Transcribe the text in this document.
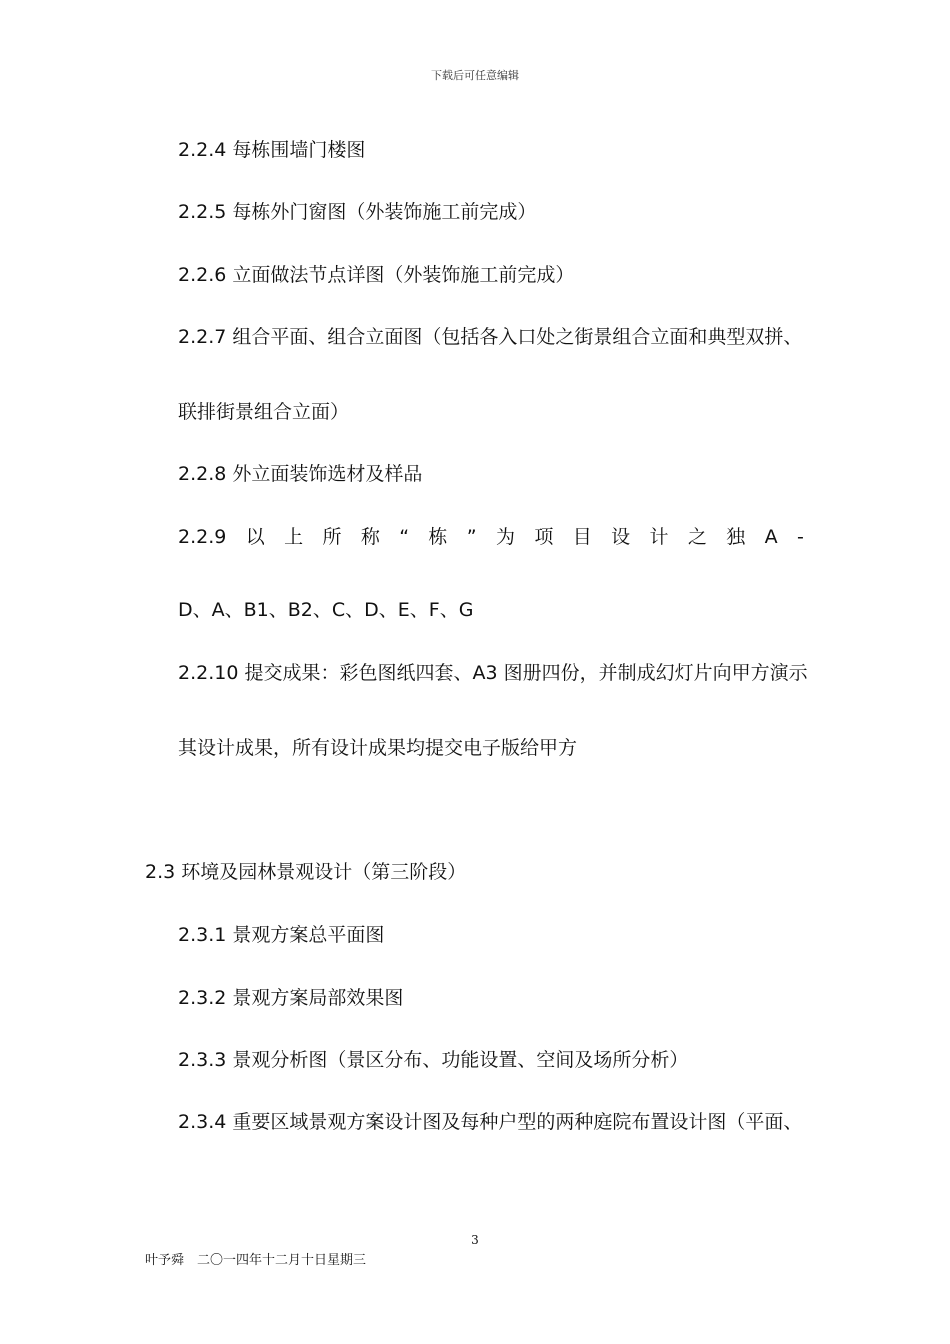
下载后可任意编辑
2.2.4 每栋围墙门楼图
2.2.5 每栋外门窗图（外装饰施工前完成）
2.2.6 立面做法节点详图（外装饰施工前完成）
2.2.7 组合平面、组合立面图（包括各入口处之街景组合立面和典型双拼、
联排街景组合立面）
2.2.8 外立面装饰选材及样品
2.2.9 以 上 所 称 “ 栋 ” 为 项 目 设 计 之 独 A -
D、A、B1、B2、C、D、E、F、G
2.2.10 提交成果：彩色图纸四套、A3 图册四份，并制成幻灯片向甲方演示
其设计成果，所有设计成果均提交电子版给甲方
2.3 环境及园林景观设计（第三阶段）
2.3.1 景观方案总平面图
2.3.2 景观方案局部效果图
2.3.3 景观分析图（景区分布、功能设置、空间及场所分析）
2.3.4 重要区域景观方案设计图及每种户型的两种庭院布置设计图（平面、
3
叶予舜　二〇一四年十二月十日星期三
